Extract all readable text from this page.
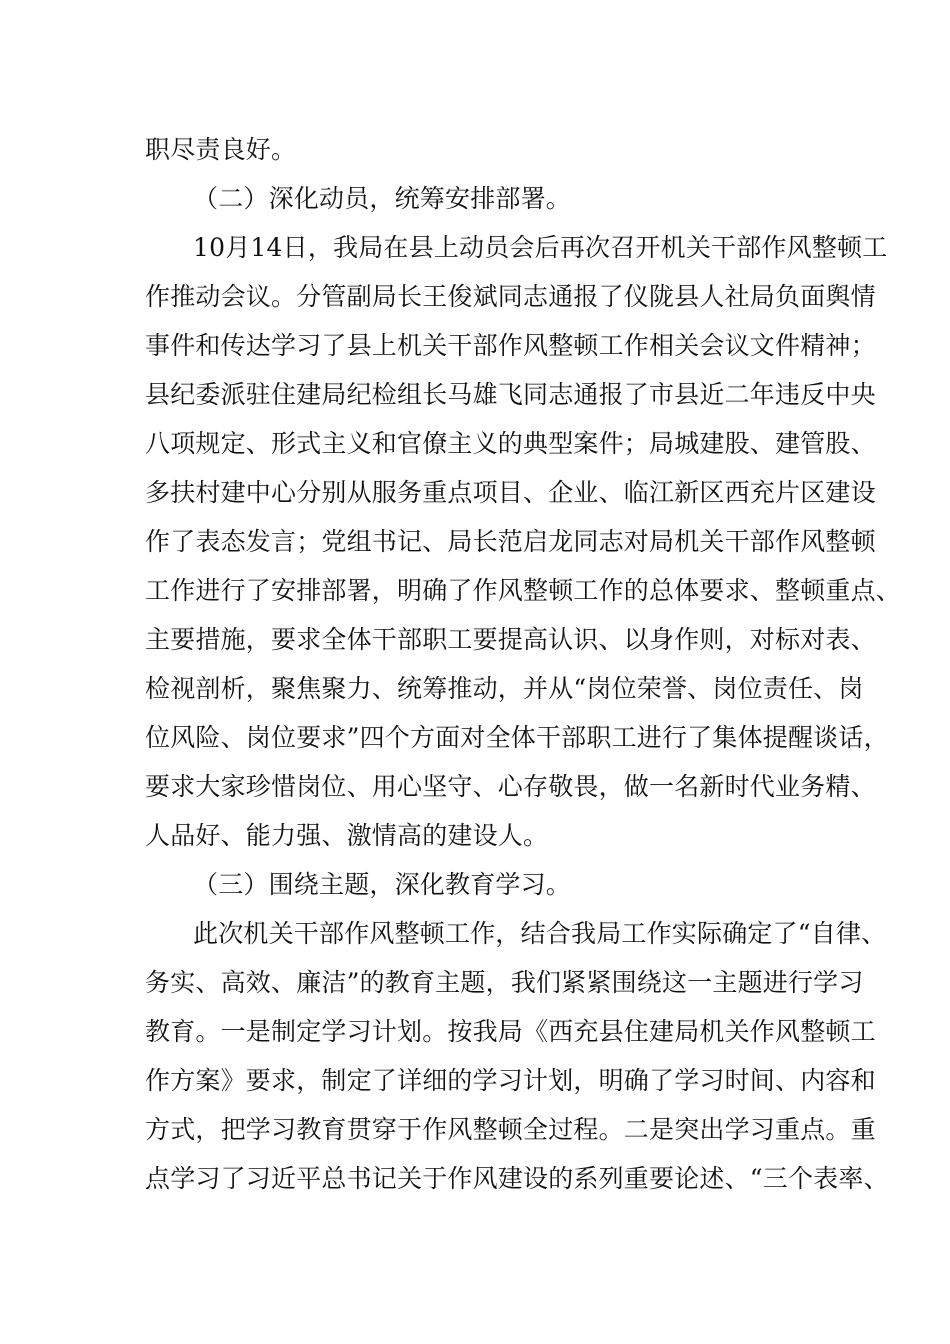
职尽责良好。
（二）深化动员，统筹安排部署。
10月14日，我局在县上动员会后再次召开机关干部作风整顿工
作推动会议。分管副局长王俊斌同志通报了仪陇县人社局负面舆情
事件和传达学习了县上机关干部作风整顿工作相关会议文件精神；
县纪委派驻住建局纪检组长马雄飞同志通报了市县近二年违反中央
八项规定、形式主义和官僚主义的典型案件；局城建股、建管股、
多扶村建中心分别从服务重点项目、企业、临江新区西充片区建设
作了表态发言；党组书记、局长范启龙同志对局机关干部作风整顿
工作进行了安排部署，明确了作风整顿工作的总体要求、整顿重点、
主要措施，要求全体干部职工要提高认识、以身作则，对标对表、
检视剖析，聚焦聚力、统筹推动，并从“岗位荣誉、岗位责任、岗
位风险、岗位要求”四个方面对全体干部职工进行了集体提醒谈话，
要求大家珍惜岗位、用心坚守、心存敬畏，做一名新时代业务精、
人品好、能力强、激情高的建设人。
（三）围绕主题，深化教育学习。
此次机关干部作风整顿工作，结合我局工作实际确定了“自律、
务实、高效、廉洁”的教育主题，我们紧紧围绕这一主题进行学习
教育。一是制定学习计划。按我局《西充县住建局机关作风整顿工
作方案》要求，制定了详细的学习计划，明确了学习时间、内容和
方式，把学习教育贯穿于作风整顿全过程。二是突出学习重点。重
点学习了习近平总书记关于作风建设的系列重要论述、“三个表率、
